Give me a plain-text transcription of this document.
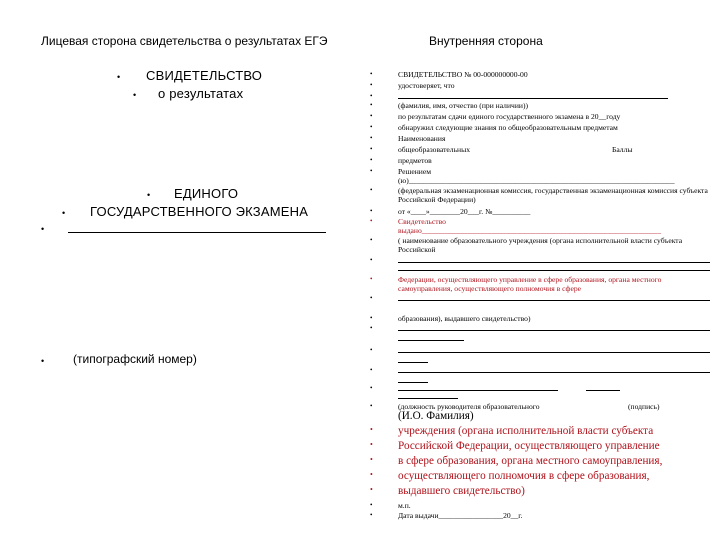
Лицевая сторона свидетельства о результатах ЕГЭ
• СВИДЕТЕЛЬСТВО
• о результатах
• ЕДИНОГО
• ГОСУДАРСТВЕННОГО ЭКЗАМЕНА
•
• (типографский номер)
Внутренняя сторона
•	СВИДЕТЕЛЬСТВО № 00-000000000-00
•	удостоверяет, что
•
•	(фамилия, имя, отчество (при наличии))
•	по результатам сдачи единого государственного экзамена в 20__году
•	обнаружил следующие знания по общеобразовательным предметам
•	Наименования
•	общеобразовательных	Баллы
•	предметов
•	Решением
(ю)______________________________________________________________________
•	(федеральная экзаменационная комиссия, государственная экзаменационная комиссия субъекта Российской Федерации)
•	от «____»________20___г. №__________
•	Свидетельство
выдано_______________________________________________________________
•	( наименование образовательного учреждения (органа исполнительной власти субъекта Российской
•
•	Федерации, осуществляющего управление в сфере образования, органа местного самоуправления, осуществляющего полномочия в сфере
•
•	образования), выдавшего свидетельство)
•
•
•
•
•	(должность руководителя образовательного	(подпись)
(И.О. Фамилия)
• учреждения (органа исполнительной власти субъекта
• Российской Федерации, осуществляющего управление
• в сфере образования, органа местного самоуправления,
• осуществляющего полномочия в сфере образования,
• выдавшего свидетельство)
•	м.п.
•	Дата выдачи_________________20__г.
